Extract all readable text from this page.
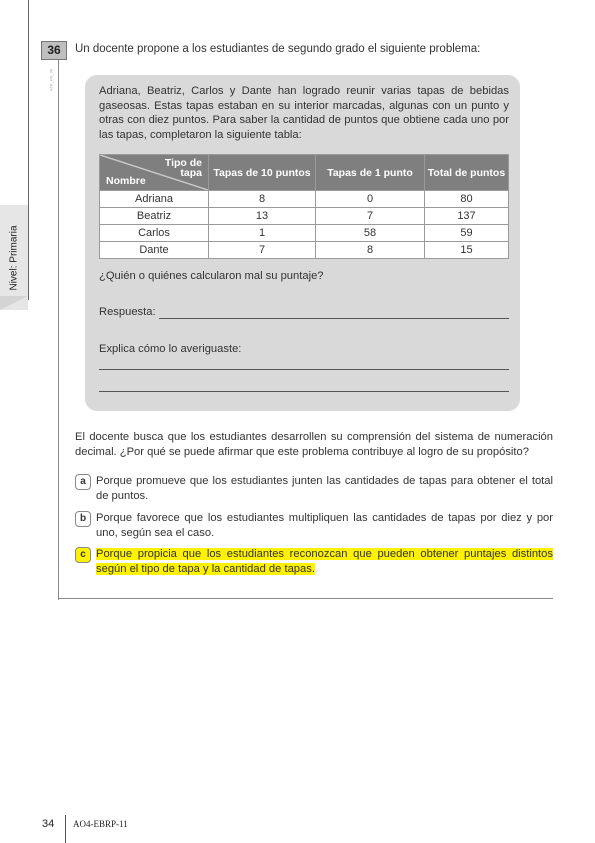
Nivel: Primaria
ATR_PR_36
36	Un docente propone a los estudiantes de segundo grado el siguiente problema:
Adriana, Beatriz, Carlos y Dante han logrado reunir varias tapas de bebidas gaseosas. Estas tapas estaban en su interior marcadas, algunas con un punto y otras con diez puntos. Para saber la cantidad de puntos que obtiene cada uno por las tapas, completaron la siguiente tabla:
Tipo de tapa
Nombre	Tapas de 10 puntos	Tapas de 1 punto	Total de puntos
Adriana	8	0	80
Beatriz	13	7	137
Carlos	1	58	59
Dante	7	8	15
¿Quién o quiénes calcularon mal su puntaje?
Respuesta:
Explica cómo lo averiguaste:
El docente busca que los estudiantes desarrollen su comprensión del sistema de numeración decimal. ¿Por qué se puede afirmar que este problema contribuye al logro de su propósito?
a Porque promueve que los estudiantes junten las cantidades de tapas para obtener el total de puntos.
b Porque favorece que los estudiantes multipliquen las cantidades de tapas por diez y por uno, según sea el caso.
c Porque propicia que los estudiantes reconozcan que pueden obtener puntajes distintos según el tipo de tapa y la cantidad de tapas.
34 AO4-EBRP-11
